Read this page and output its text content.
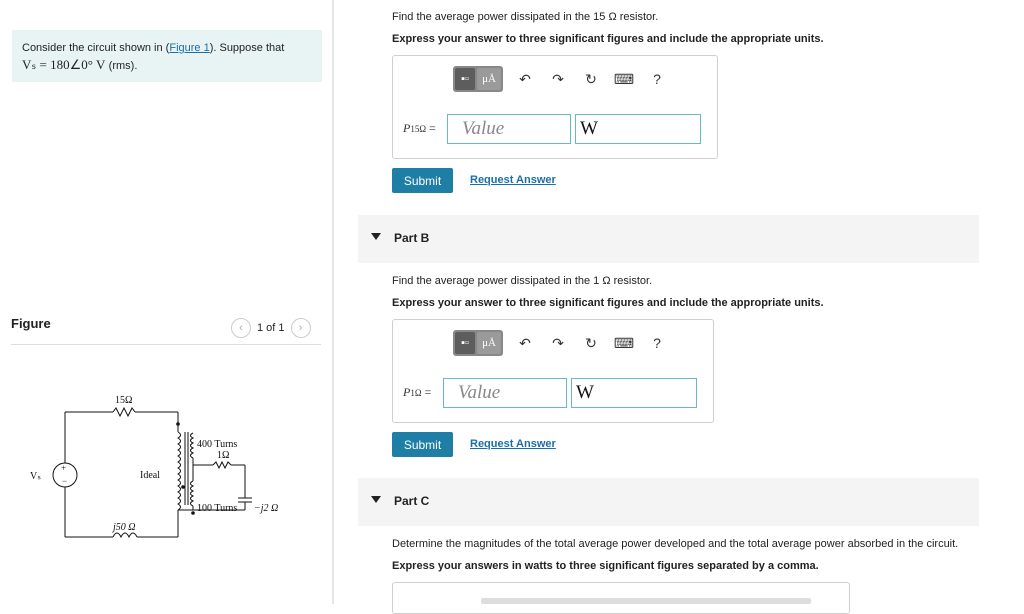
Consider the circuit shown in (Figure 1). Suppose that
Vₛ = 180∠0° V (rms).
Figure	‹	1 of 1	›
15Ω
400 Turns
1Ω
Ideal
100 Turns −j2 Ω
j50 Ω
Vₛ
+
−
Find the average power dissipated in the 15 Ω resistor.
Express your answer to three significant figures and include the appropriate units.
▪▫	μÅ	↶	↷	↻	⌨	?
P15Ω =	Value	W
Submit	Request Answer
Part B
Find the average power dissipated in the 1 Ω resistor.
Express your answer to three significant figures and include the appropriate units.
▪▫	μÅ	↶	↷	↻	⌨	?
P1Ω =	Value	W
Submit	Request Answer
Part C
Determine the magnitudes of the total average power developed and the total average power absorbed in the circuit.
Express your answers in watts to three significant figures separated by a comma.
